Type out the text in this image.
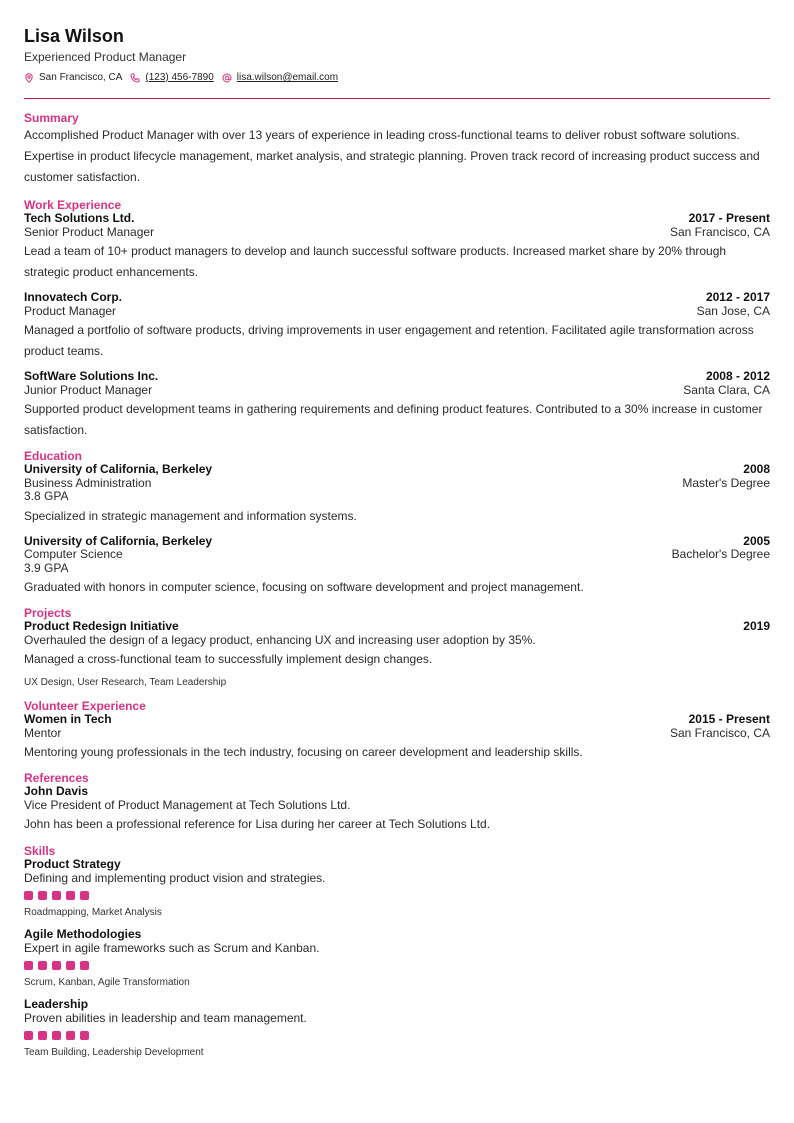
Lisa Wilson
Experienced Product Manager
San Francisco, CA (123) 456-7890 lisa.wilson@email.com
Summary
Accomplished Product Manager with over 13 years of experience in leading cross-functional teams to deliver robust software solutions. Expertise in product lifecycle management, market analysis, and strategic planning. Proven track record of increasing product success and customer satisfaction.
Work Experience
Tech Solutions Ltd.	2017 - Present
Senior Product Manager	San Francisco, CA
Lead a team of 10+ product managers to develop and launch successful software products. Increased market share by 20% through strategic product enhancements.
Innovatech Corp.	2012 - 2017
Product Manager	San Jose, CA
Managed a portfolio of software products, driving improvements in user engagement and retention. Facilitated agile transformation across product teams.
SoftWare Solutions Inc.	2008 - 2012
Junior Product Manager	Santa Clara, CA
Supported product development teams in gathering requirements and defining product features. Contributed to a 30% increase in customer satisfaction.
Education
University of California, Berkeley	2008
Business Administration	Master's Degree
3.8 GPA
Specialized in strategic management and information systems.
University of California, Berkeley	2005
Computer Science	Bachelor's Degree
3.9 GPA
Graduated with honors in computer science, focusing on software development and project management.
Projects
Product Redesign Initiative	2019
Overhauled the design of a legacy product, enhancing UX and increasing user adoption by 35%.
Managed a cross-functional team to successfully implement design changes.
UX Design, User Research, Team Leadership
Volunteer Experience
Women in Tech	2015 - Present
Mentor	San Francisco, CA
Mentoring young professionals in the tech industry, focusing on career development and leadership skills.
References
John Davis
Vice President of Product Management at Tech Solutions Ltd.
John has been a professional reference for Lisa during her career at Tech Solutions Ltd.
Skills
Product Strategy
Defining and implementing product vision and strategies.
Roadmapping, Market Analysis
Agile Methodologies
Expert in agile frameworks such as Scrum and Kanban.
Scrum, Kanban, Agile Transformation
Leadership
Proven abilities in leadership and team management.
Team Building, Leadership Development
